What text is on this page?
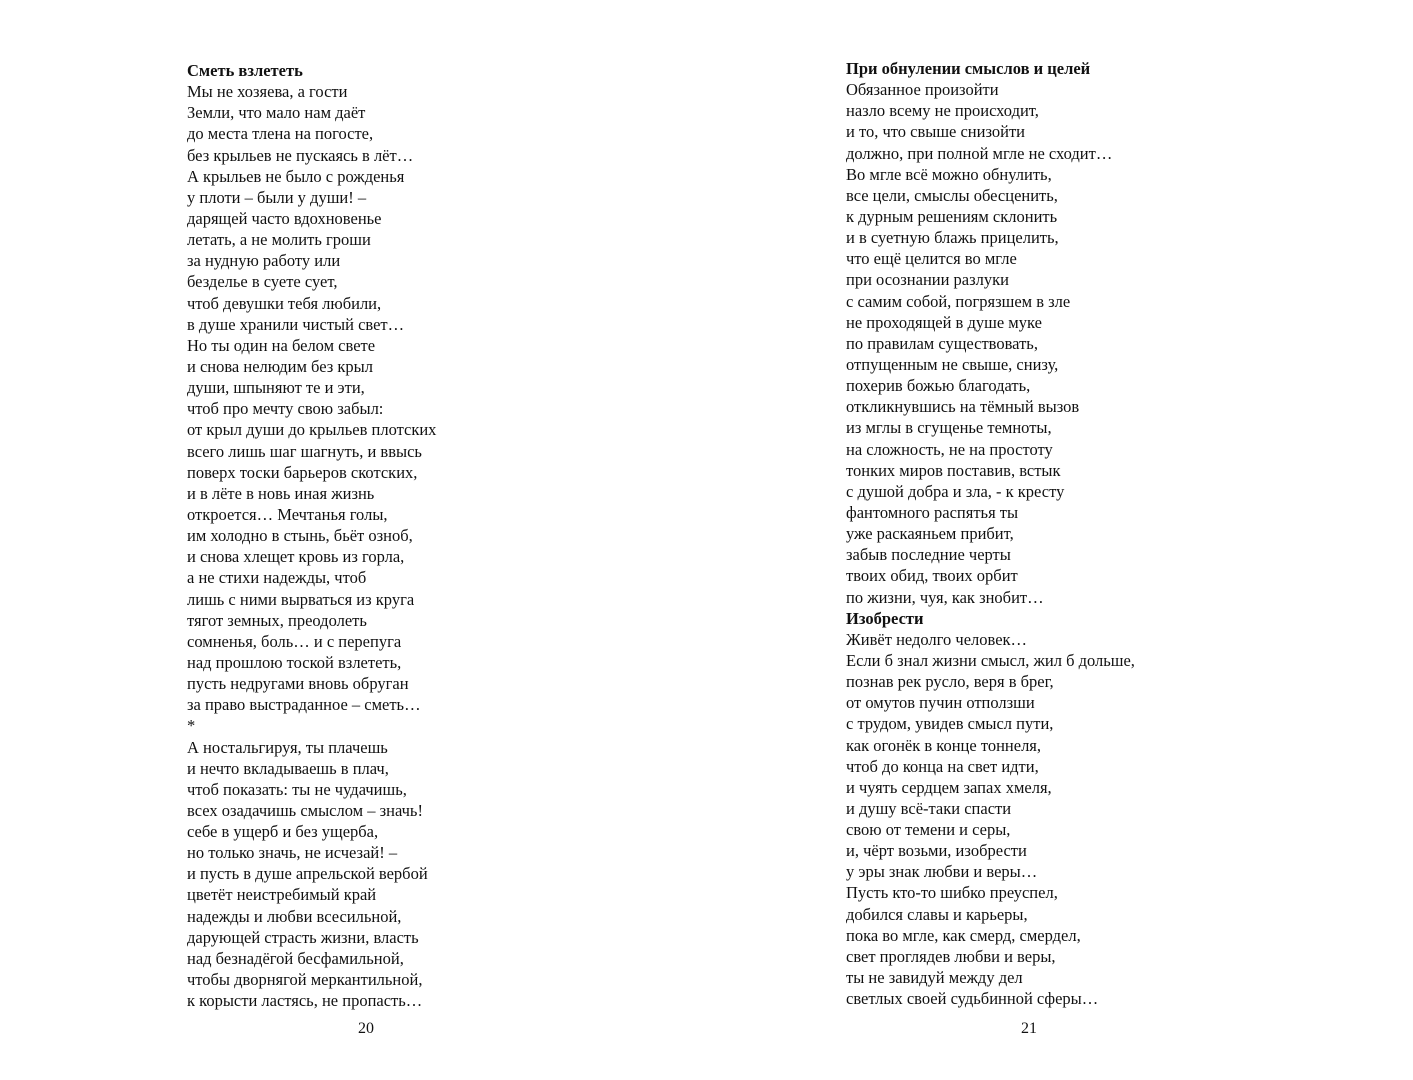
Сметь взлететь
Мы не хозяева, а гости
Земли, что мало нам даёт
до места тлена на погосте,
без крыльев не пускаясь в лёт…
А крыльев не было с рожденья
у плоти – были у души! –
дарящей часто вдохновенье
летать, а не молить гроши
за нудную работу или
безделье в суете сует,
чтоб девушки тебя любили,
в душе хранили чистый свет…
Но ты один на белом свете
и снова нелюдим без крыл
души, шпыняют те и эти,
чтоб про мечту свою забыл:
от крыл души до крыльев плотских
всего лишь шаг шагнуть, и ввысь
поверх тоски барьеров скотских,
и в лёте в новь иная жизнь
откроется… Мечтанья голы,
им холодно в стынь, бьёт озноб,
и снова хлещет кровь из горла,
а не стихи надежды, чтоб
лишь с ними вырваться из круга
тягот земных, преодолеть
сомненья, боль… и с перепуга
над прошлою тоской взлететь,
пусть недругами вновь обруган
за право выстраданное – сметь…
*
А ностальгируя, ты плачешь
и нечто вкладываешь в плач,
чтоб показать: ты не чудачишь,
всех озадачишь смыслом – значь!
себе в ущерб и без ущерба,
но только значь, не исчезай! –
и пусть в душе апрельской вербой
цветёт неистребимый край
надежды и любви всесильной,
дарующей страсть жизни, власть
над безнадёгой бесфамильной,
чтобы дворнягой меркантильной,
к корысти ластясь, не пропасть…
20
При обнулении смыслов и целей
Обязанное произойти
назло всему не происходит,
и то, что свыше снизойти
должно, при полной мгле не сходит…
Во мгле всё можно обнулить,
все цели, смыслы обесценить,
к дурным решениям склонить
и в суетную блажь прицелить,
что ещё целится во мгле
при осознании разлуки
с самим собой, погрязшем в зле
не проходящей в душе муке
по правилам существовать,
отпущенным не свыше, снизу,
похерив божью благодать,
откликнувшись на тёмный вызов
из мглы в сгущенье темноты,
на сложность, не на простоту
тонких миров поставив, встык
с душой добра и зла, - к кресту
фантомного распятья ты
уже раскаяньем прибит,
забыв последние черты
твоих обид, твоих орбит
по жизни, чуя, как знобит…
Изобрести
Живёт недолго человек…
Если б знал жизни смысл, жил б дольше,
познав рек русло, веря в брег,
от омутов пучин отползши
с трудом, увидев смысл пути,
как огонёк в конце тоннеля,
чтоб до конца на свет идти,
и чуять сердцем запах хмеля,
и душу всё-таки спасти
свою от темени и серы,
и, чёрт возьми, изобрести
у эры знак любви и веры…
Пусть кто-то шибко преуспел,
добился славы и карьеры,
пока во мгле, как смерд, смердел,
свет проглядев любви и веры,
ты не завидуй между дел
светлых своей судьбинной сферы…
21
